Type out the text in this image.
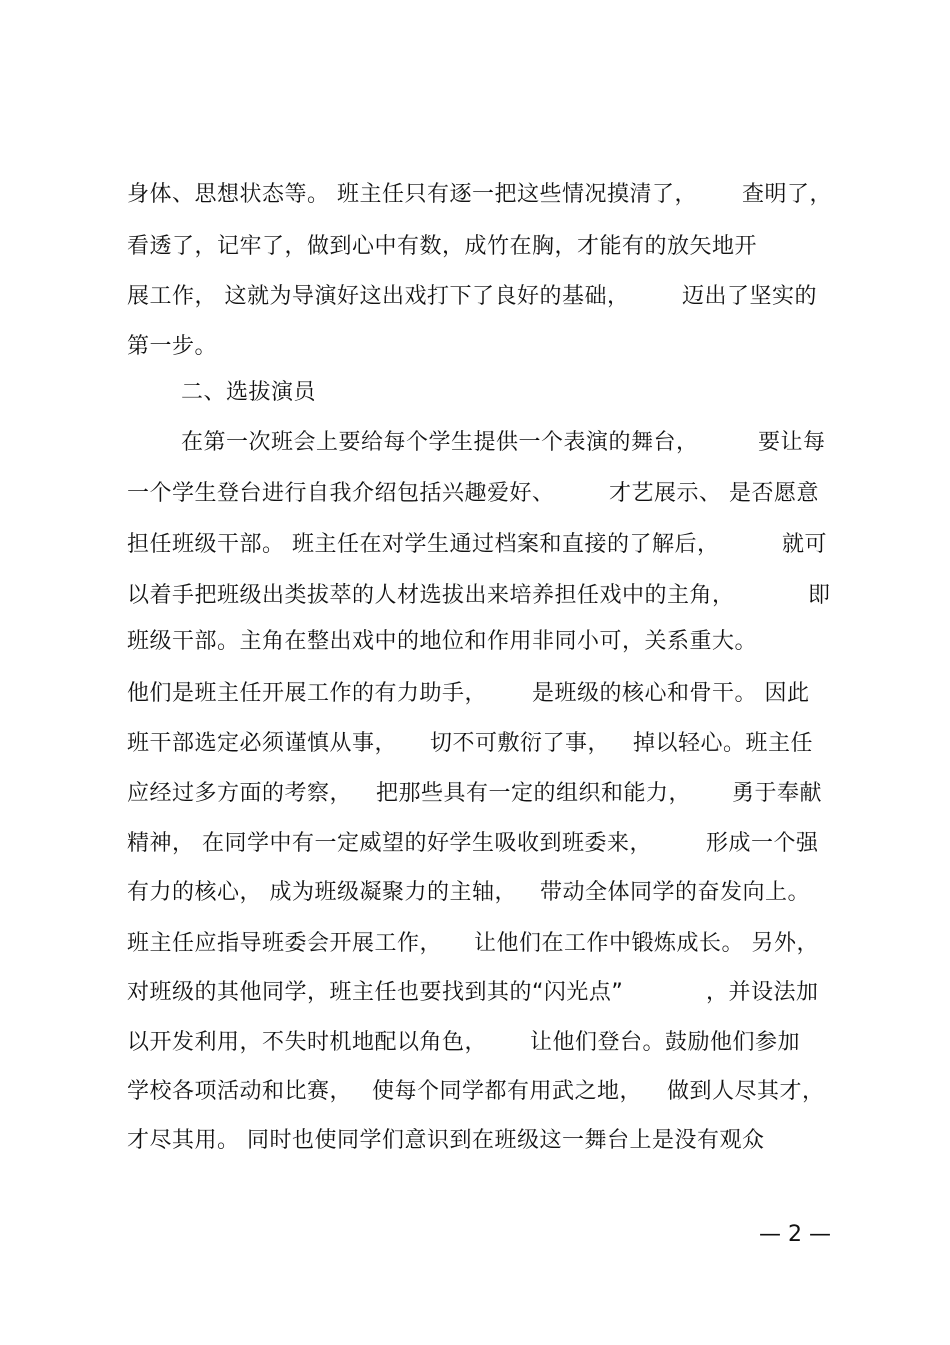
身体、思想状态等。 班主任只有逐一把这些情况摸清了，

查明了，

看透了，记牢了，做到心中有数，成竹在胸，才能有的放矢地开

展工作， 这就为导演好这出戏打下了良好的基础，

迈出了坚实的

第一步。

二、选拔演员

在第一次班会上要给每个学生提供一个表演的舞台，

	要让每

一个学生登台进行自我介绍包括兴趣爱好、

才艺展示、 是否愿意

担任班级干部。 班主任在对学生通过档案和直接的了解后，

	就可

以着手把班级出类拔萃的人材选拔出来培养担任戏中的主角，

	即

班级干部。主角在整出戏中的地位和作用非同小可，关系重大。

他们是班主任开展工作的有力助手，

是班级的核心和骨干。 因此

班干部选定必须谨慎从事，

切不可敷衍了事，

掉以轻心。班主任

应经过多方面的考察，

把那些具有一定的组织和能力，

勇于奉献

精神， 在同学中有一定威望的好学生吸收到班委来，

形成一个强

有力的核心， 成为班级凝聚力的主轴，

带动全体同学的奋发向上。

班主任应指导班委会开展工作，

让他们在工作中锻炼成长。 另外，

对班级的其他同学，班主任也要找到其的“闪光点”

	，并设法加

以开发利用，不失时机地配以角色，

让他们登台。鼓励他们参加

学校各项活动和比赛，

使每个同学都有用武之地，

做到人尽其才，

才尽其用。 同时也使同学们意识到在班级这一舞台上是没有观众

— 2 —
